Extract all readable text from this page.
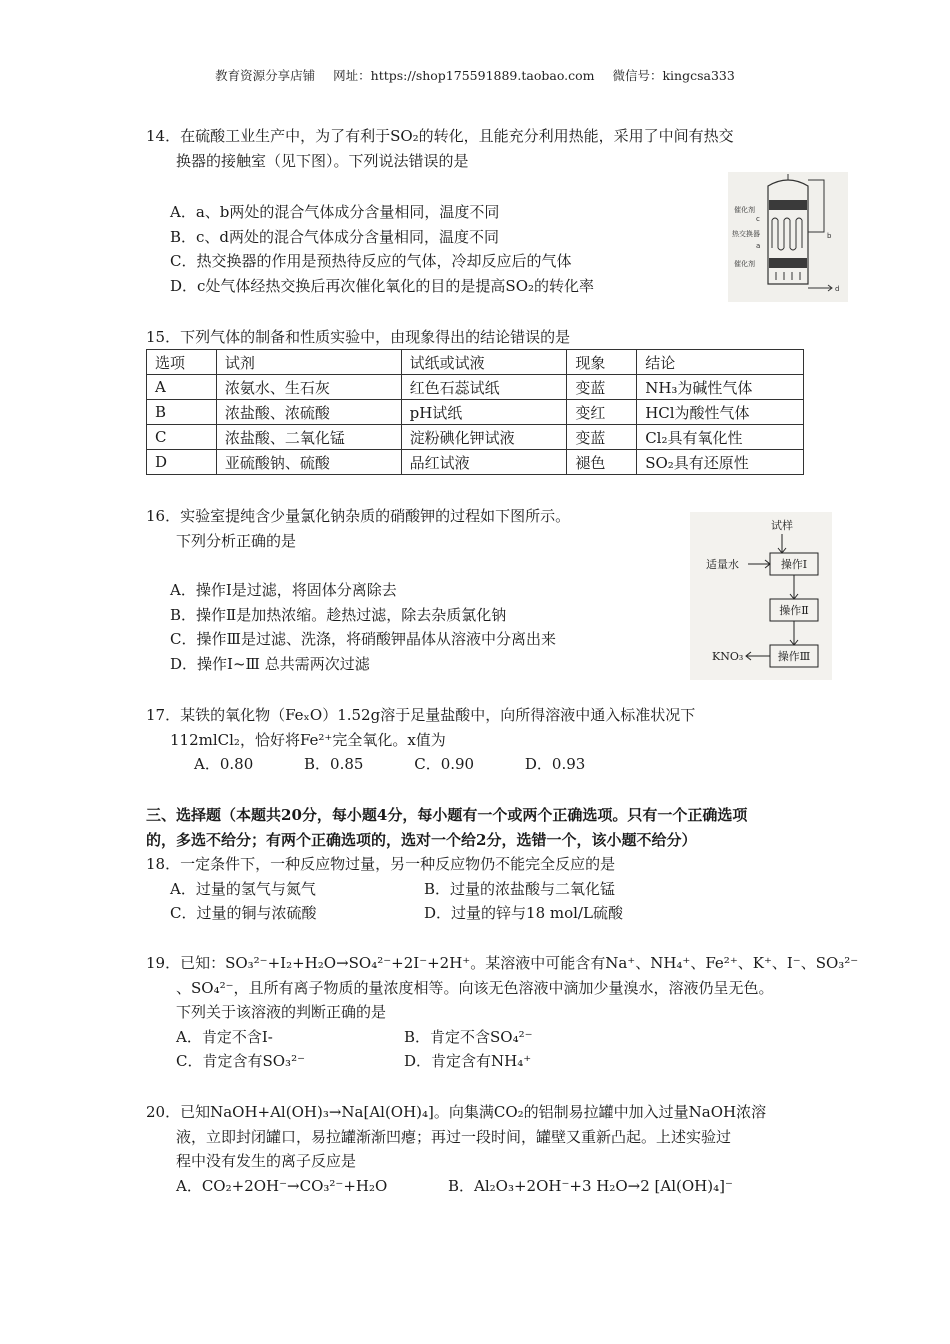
教育资源分享店铺 网址：https://shop175591889.taobao.com 微信号：kingcsa333
14．在硫酸工业生产中，为了有利于SO₂的转化，且能充分利用热能，采用了中间有热交
换器的接触室（见下图）。下列说法错误的是
A．a、b两处的混合气体成分含量相同，温度不同
B．c、d两处的混合气体成分含量相同，温度不同
C．热交换器的作用是预热待反应的气体，冷却反应后的气体
D．c处气体经热交换后再次催化氧化的目的是提高SO₂的转化率
催化剂
c
热交换器
a
催化剂
b
d
15．下列气体的制备和性质实验中，由现象得出的结论错误的是
选项	试剂	试纸或试液	现象	结论
A	浓氨水、生石灰	红色石蕊试纸	变蓝	NH₃为碱性气体
B	浓盐酸、浓硫酸	pH试纸	变红	HCl为酸性气体
C	浓盐酸、二氧化锰	淀粉碘化钾试液	变蓝	Cl₂具有氧化性
D	亚硫酸钠、硫酸	品红试液	褪色	SO₂具有还原性
16．实验室提纯含少量氯化钠杂质的硝酸钾的过程如下图所示。
下列分析正确的是
A．操作Ⅰ是过滤，将固体分离除去
B．操作Ⅱ是加热浓缩。趁热过滤，除去杂质氯化钠
C．操作Ⅲ是过滤、洗涤，将硝酸钾晶体从溶液中分离出来
D．操作Ⅰ~Ⅲ 总共需两次过滤
试样
操作Ⅰ
适量水
操作Ⅱ
操作Ⅲ
KNO₃
17．某铁的氧化物（FeₓO）1.52g溶于足量盐酸中，向所得溶液中通入标准状况下
112mlCl₂，恰好将Fe²⁺完全氧化。x值为
A．0.80	B．0.85	C．0.90	D．0.93
三、选择题（本题共20分，每小题4分，每小题有一个或两个正确选项。只有一个正确选项
的，多选不给分；有两个正确选项的，选对一个给2分，选错一个，该小题不给分）
18．一定条件下，一种反应物过量，另一种反应物仍不能完全反应的是
A．过量的氢气与氮气	B．过量的浓盐酸与二氧化锰
C．过量的铜与浓硫酸	D．过量的锌与18 mol/L硫酸
19．已知：SO₃²⁻+I₂+H₂O→SO₄²⁻+2I⁻+2H⁺。某溶液中可能含有Na⁺、NH₄⁺、Fe²⁺、K⁺、I⁻、SO₃²⁻
、SO₄²⁻，且所有离子物质的量浓度相等。向该无色溶液中滴加少量溴水，溶液仍呈无色。
下列关于该溶液的判断正确的是
A．肯定不含I-	B．肯定不含SO₄²⁻
C．肯定含有SO₃²⁻	D．肯定含有NH₄⁺
20．已知NaOH+Al(OH)₃→Na[Al(OH)₄]。向集满CO₂的铝制易拉罐中加入过量NaOH浓溶
液，立即封闭罐口，易拉罐渐渐凹瘪；再过一段时间，罐壁又重新凸起。上述实验过
程中没有发生的离子反应是
A．CO₂+2OH⁻→CO₃²⁻+H₂O	B．Al₂O₃+2OH⁻+3 H₂O→2 [Al(OH)₄]⁻
